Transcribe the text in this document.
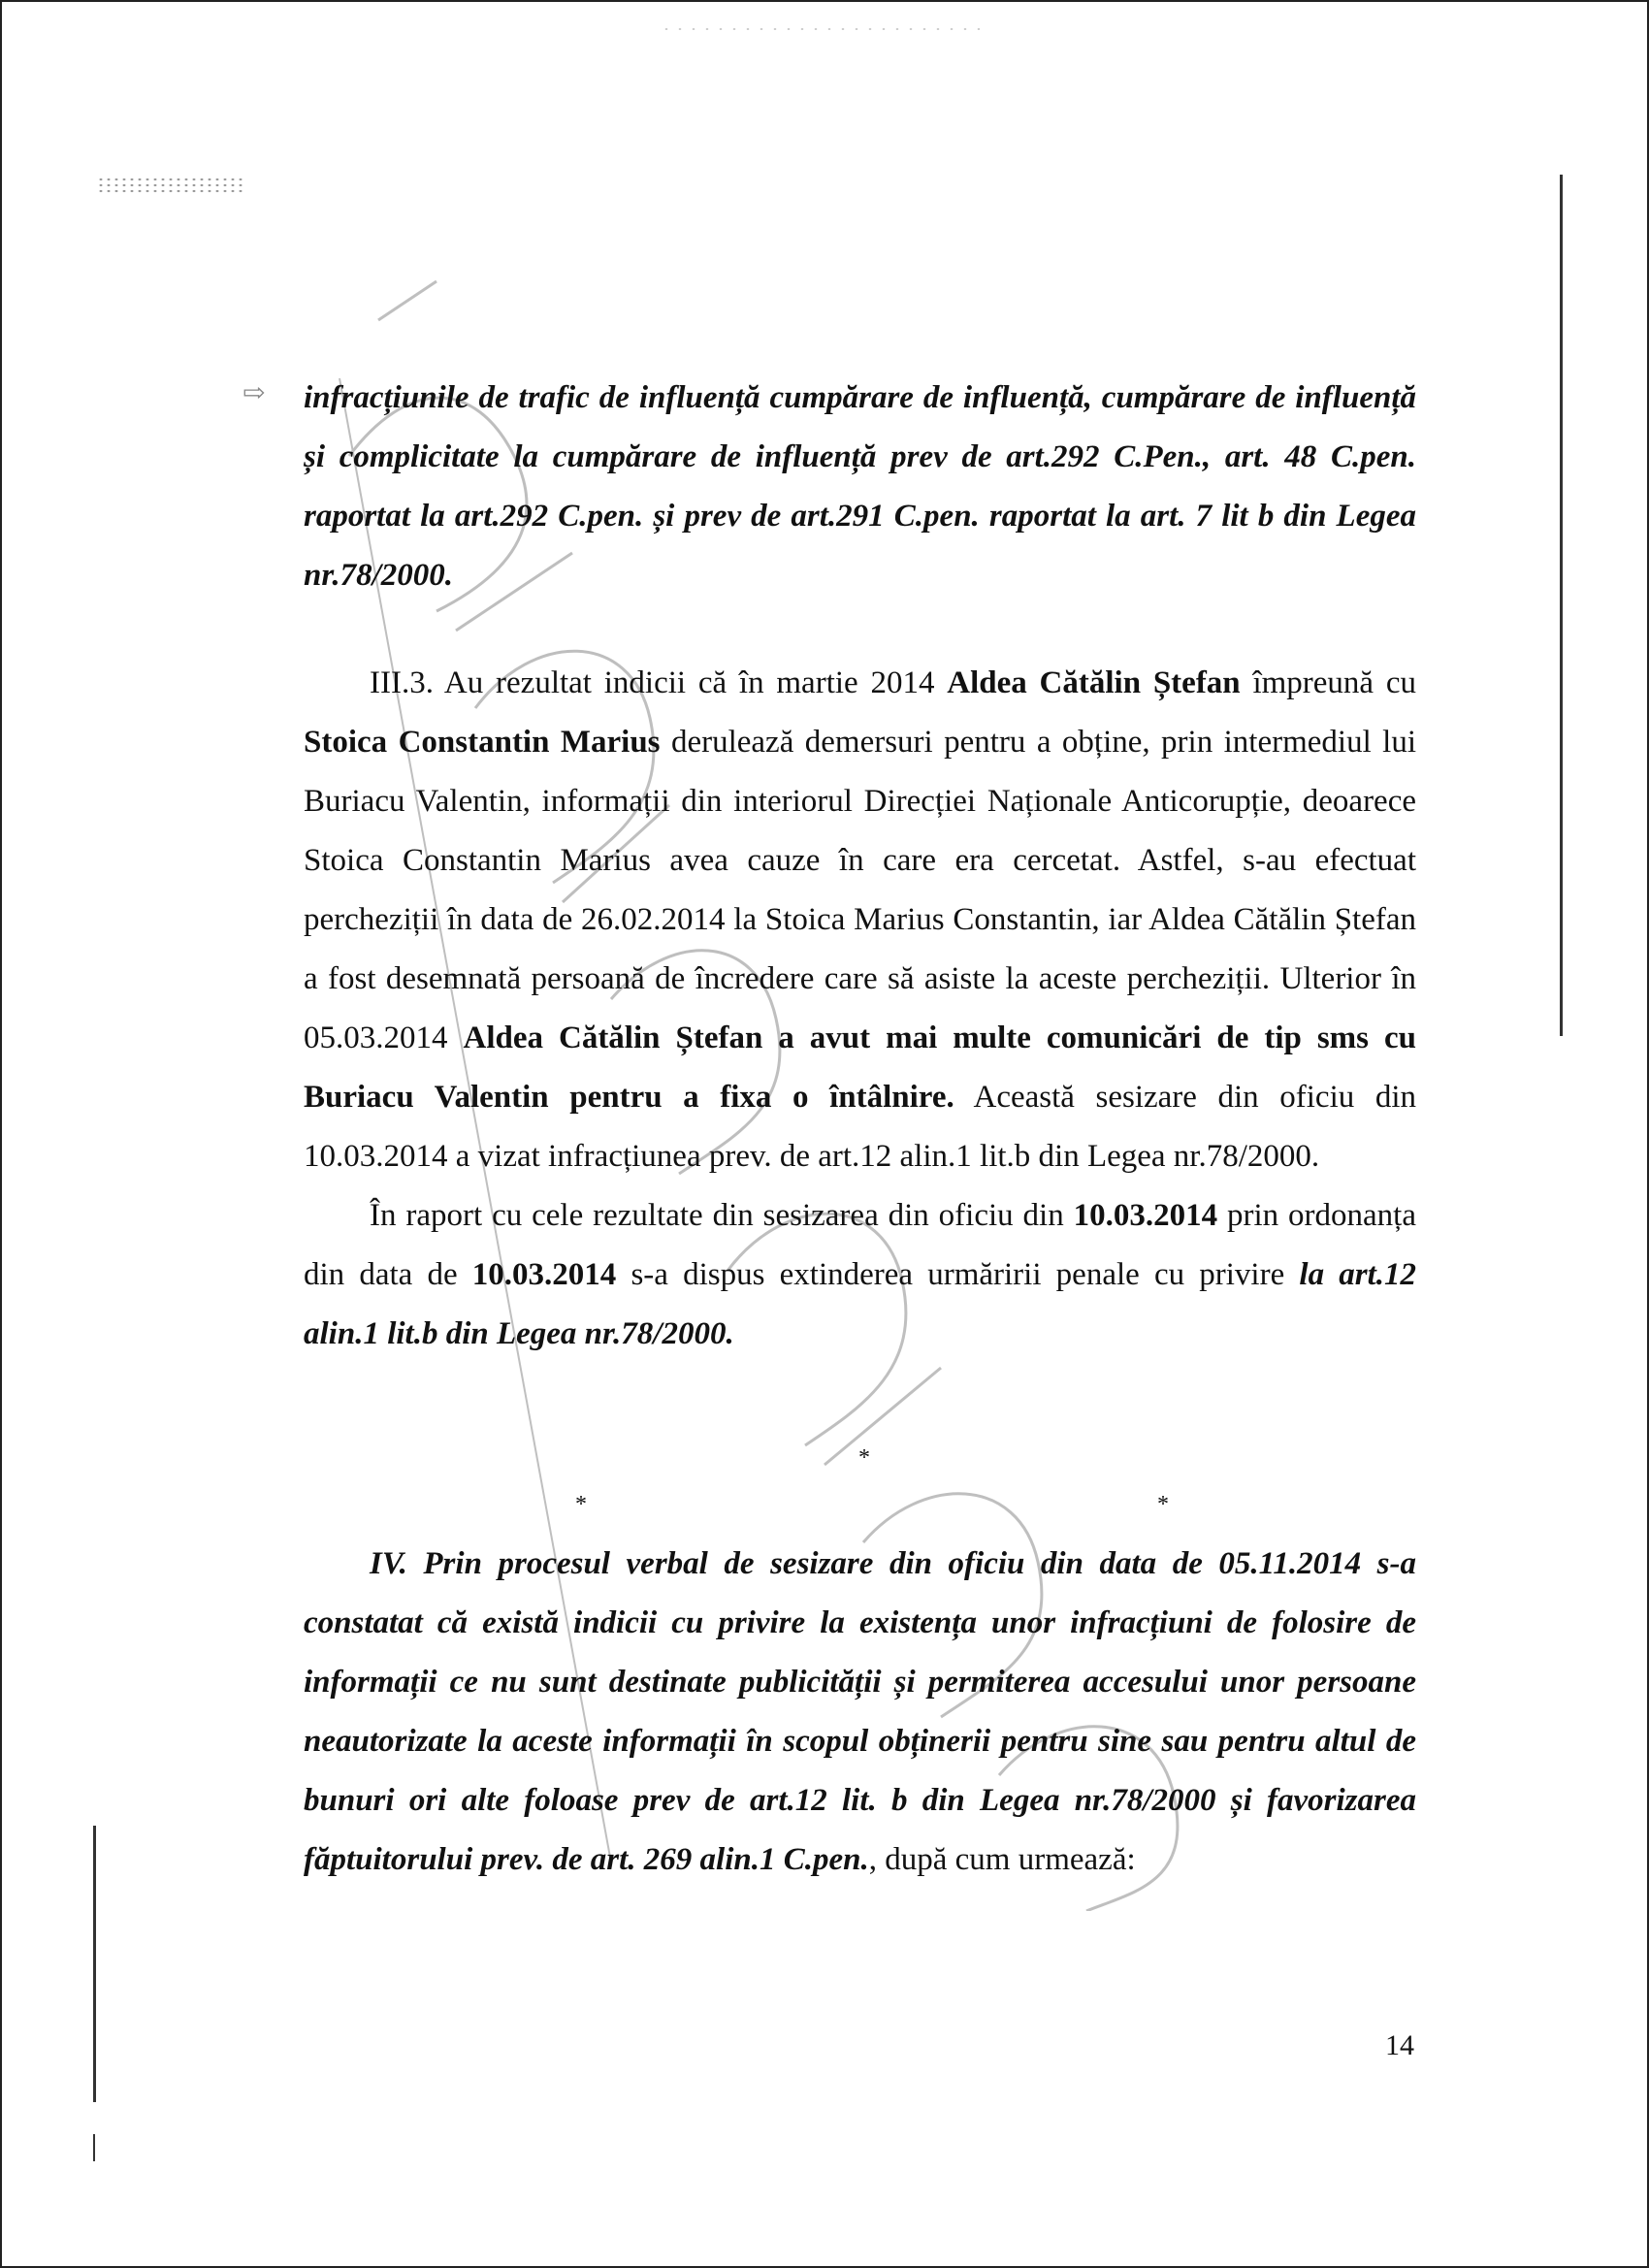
⇨ infracțiunile de trafic de influență cumpărare de influență, cumpărare de influență și complicitate la cumpărare de influență prev de art.292 C.Pen., art. 48 C.pen. raportat la art.292 C.pen. și prev de art.291 C.pen. raportat la art. 7 lit b din Legea nr.78/2000.

III.3. Au rezultat indicii că în martie 2014 Aldea Cătălin Ștefan împreună cu Stoica Constantin Marius derulează demersuri pentru a obține, prin intermediul lui Buriacu Valentin, informații din interiorul Direcției Naționale Anticorupție, deoarece Stoica Constantin Marius avea cauze în care era cercetat. Astfel, s-au efectuat percheziții în data de 26.02.2014 la Stoica Marius Constantin, iar Aldea Cătălin Ștefan a fost desemnată persoană de încredere care să asiste la aceste percheziții. Ulterior în 05.03.2014 Aldea Cătălin Ștefan a avut mai multe comunicări de tip sms cu Buriacu Valentin pentru a fixa o întâlnire. Această sesizare din oficiu din 10.03.2014 a vizat infracțiunea prev. de art.12 alin.1 lit.b din Legea nr.78/2000.

În raport cu cele rezultate din sesizarea din oficiu din 10.03.2014 prin ordonanța din data de 10.03.2014 s-a dispus extinderea urmăririi penale cu privire la art.12 alin.1 lit.b din Legea nr.78/2000.

*
*	*

IV. Prin procesul verbal de sesizare din oficiu din data de 05.11.2014 s-a constatat că există indicii cu privire la existența unor infracțiuni de folosire de informații ce nu sunt destinate publicității și permiterea accesului unor persoane neautorizate la aceste informații în scopul obținerii pentru sine sau pentru altul de bunuri ori alte foloase prev de art.12 lit. b din Legea nr.78/2000 și favorizarea făptuitorului prev. de art. 269 alin.1 C.pen., după cum urmează:

14
